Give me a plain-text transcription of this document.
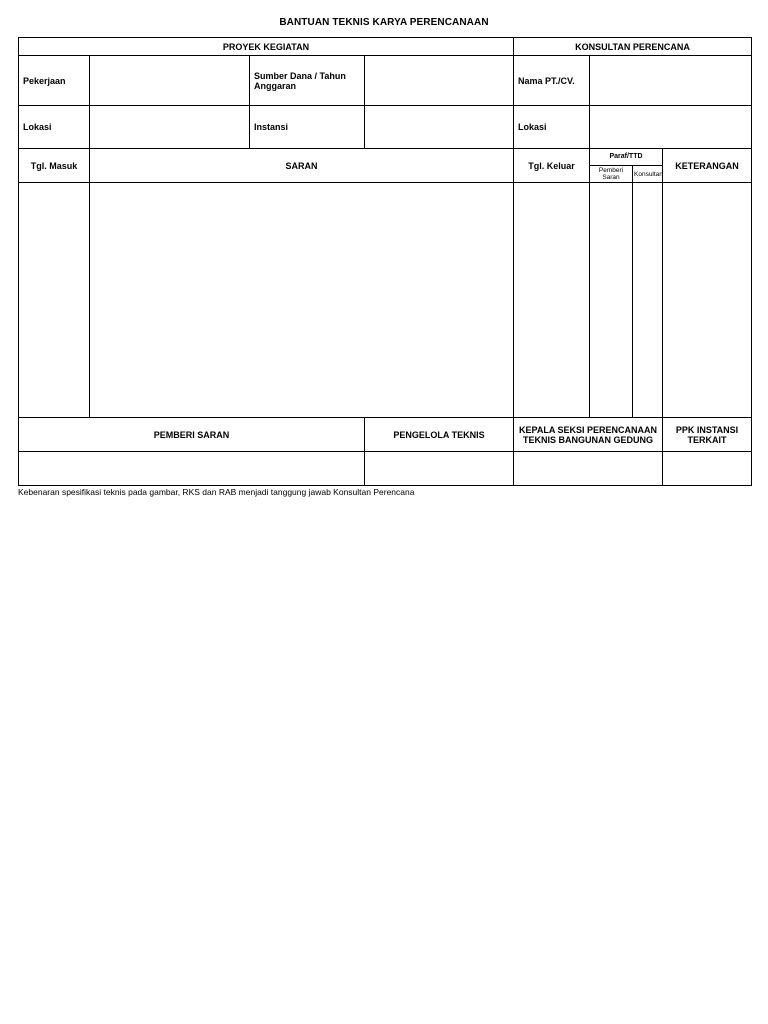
BANTUAN TEKNIS KARYA PERENCANAAN
PROYEK KEGIATAN				KONSULTAN PERENCANA			
Pekerjaan		Sumber Dana / Tahun Anggaran		Nama PT./CV.			
Lokasi		Instansi		Lokasi			
Tgl. Masuk	SARAN			Tgl. Keluar	Paraf/TTD		KETERANGAN
					Pemberi Saran	Konsultan	

PEMBERI SARAN			PENGELOLA TEKNIS	KEPALA SEKSI PERENCANAAN TEKNIS BANGUNAN GEDUNG			PPK INSTANSI TERKAIT

Kebenaran spesifikasi teknis pada gambar, RKS dan RAB menjadi tanggung jawab Konsultan Perencana
